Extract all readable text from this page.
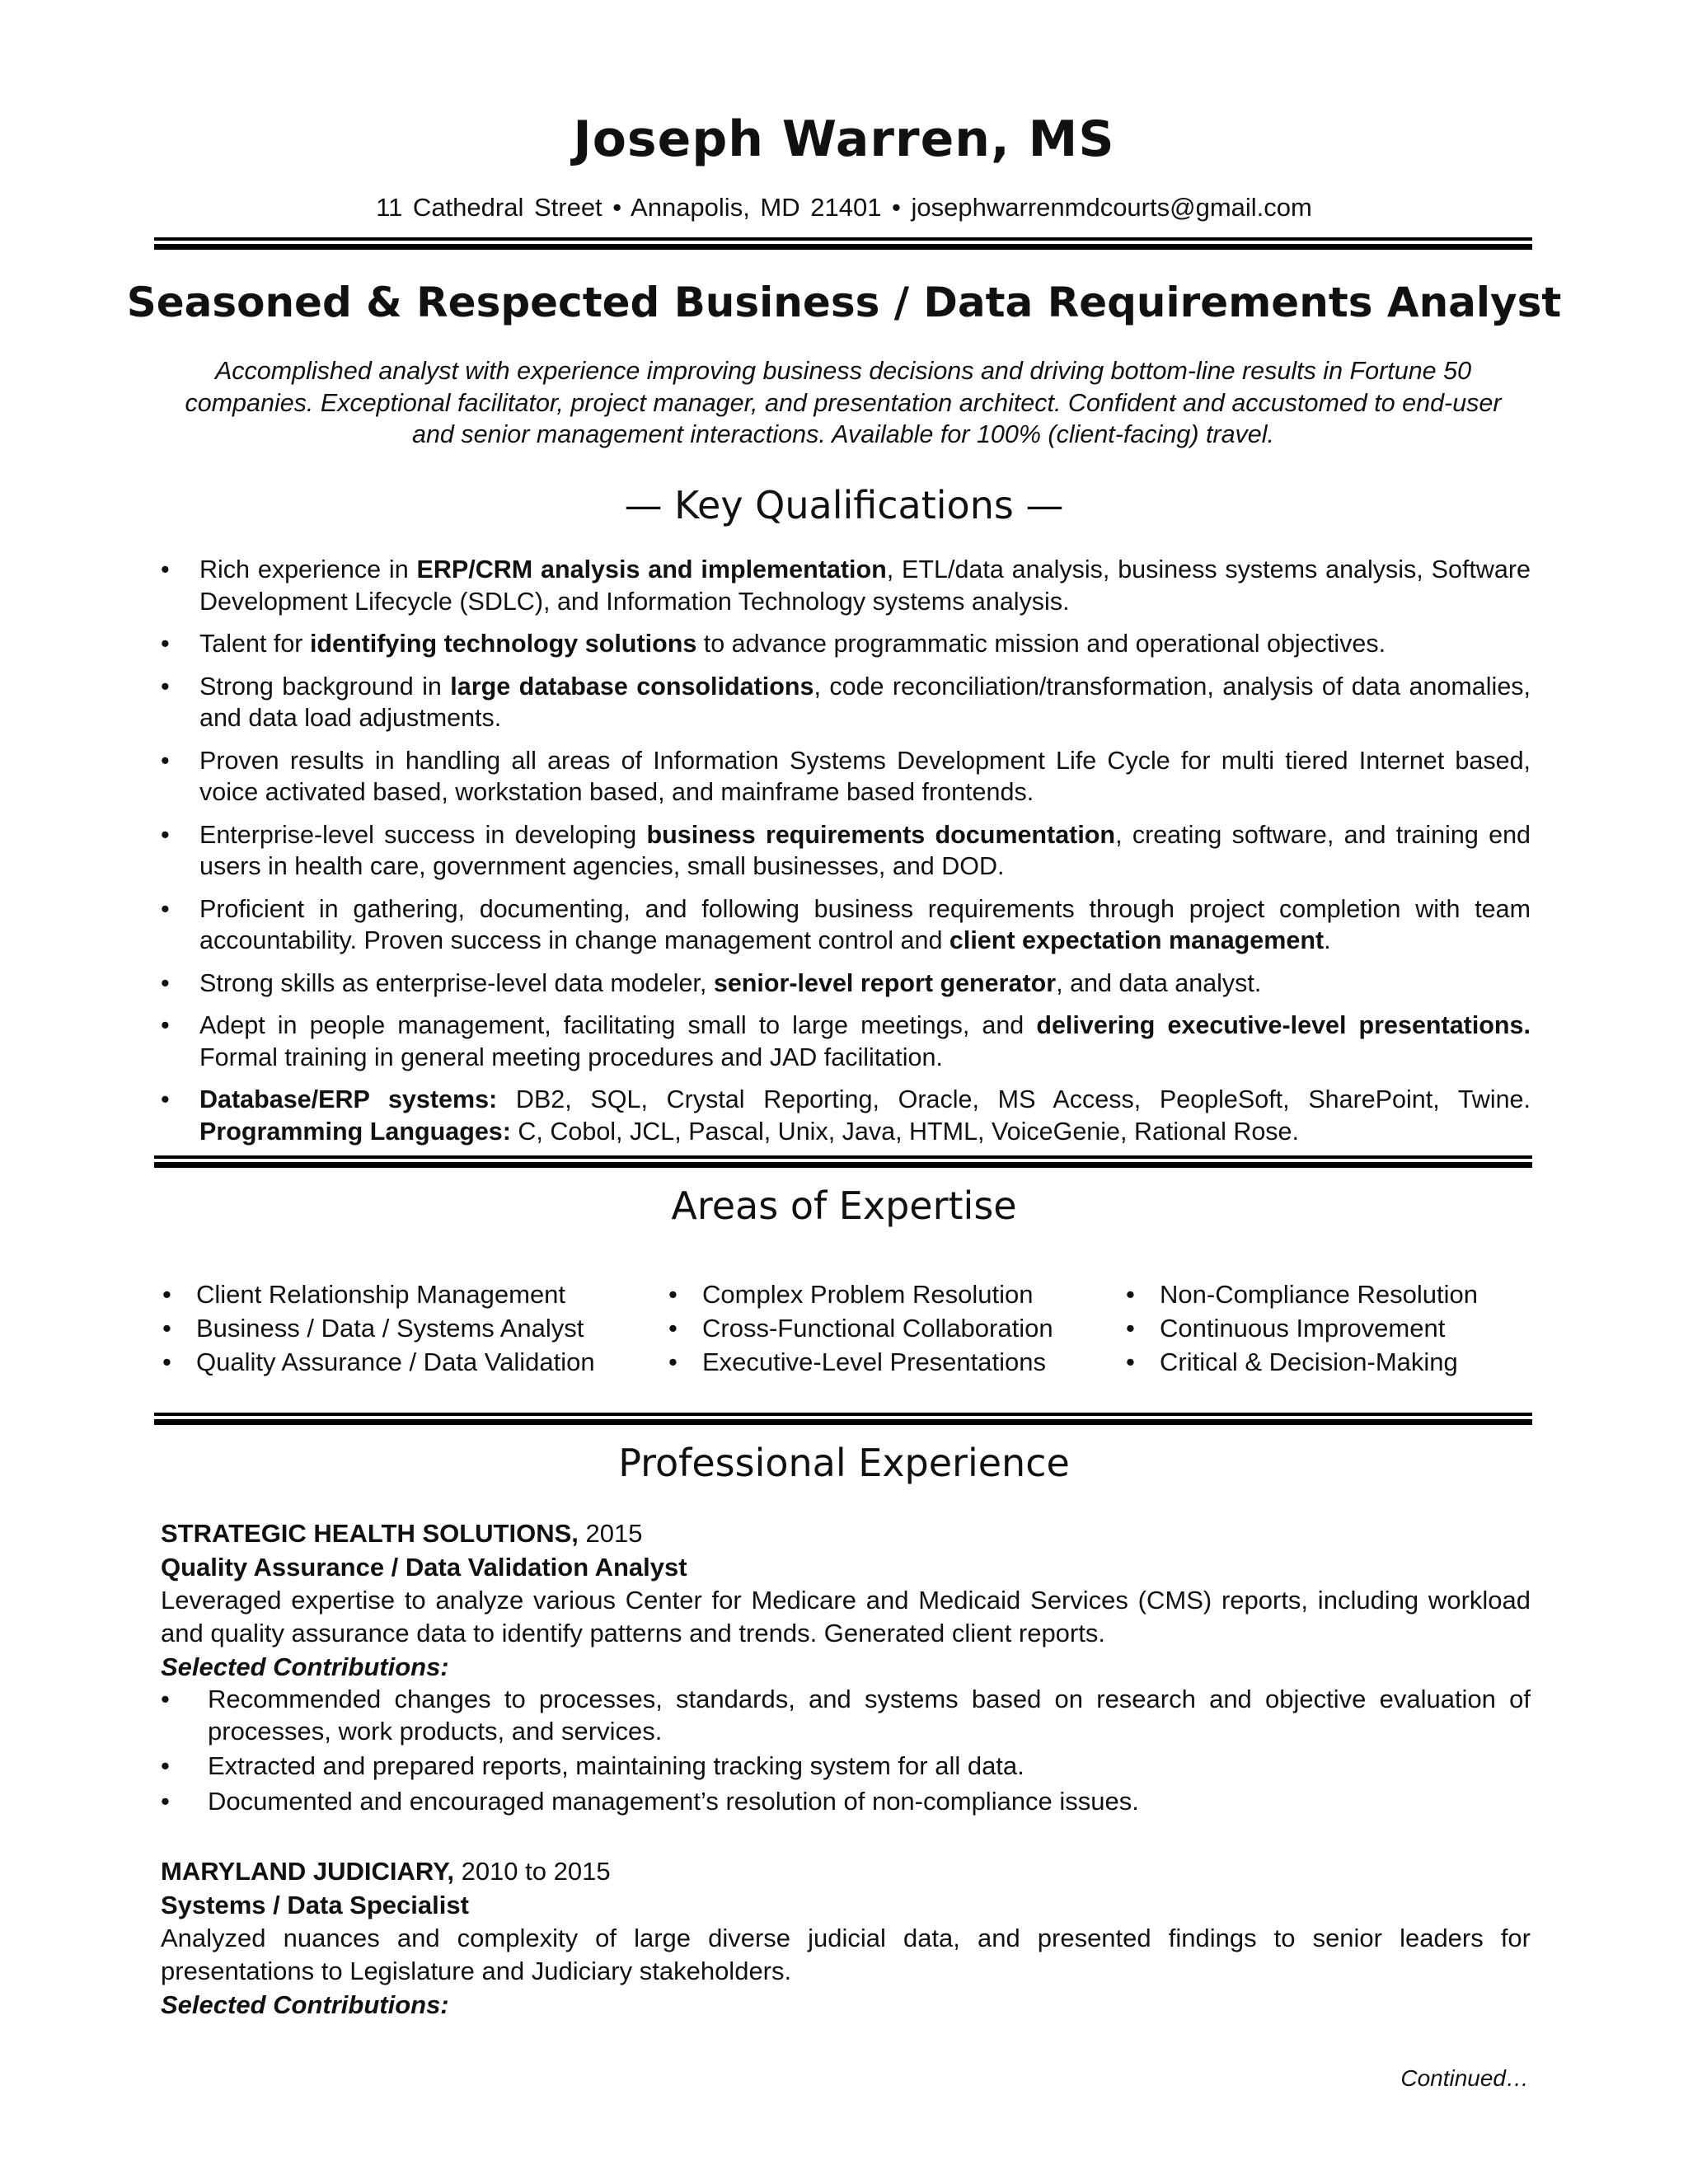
Joseph Warren, MS
11 Cathedral Street • Annapolis, MD 21401 • josephwarrenmdcourts@gmail.com
Seasoned & Respected Business / Data Requirements Analyst
Accomplished analyst with experience improving business decisions and driving bottom-line results in Fortune 50 companies. Exceptional facilitator, project manager, and presentation architect. Confident and accustomed to end-user and senior management interactions. Available for 100% (client-facing) travel.
— Key Qualifications —
• Rich experience in ERP/CRM analysis and implementation, ETL/data analysis, business systems analysis, Software Development Lifecycle (SDLC), and Information Technology systems analysis.
• Talent for identifying technology solutions to advance programmatic mission and operational objectives.
• Strong background in large database consolidations, code reconciliation/transformation, analysis of data anomalies, and data load adjustments.
• Proven results in handling all areas of Information Systems Development Life Cycle for multi tiered Internet based, voice activated based, workstation based, and mainframe based frontends.
• Enterprise-level success in developing business requirements documentation, creating software, and training end users in health care, government agencies, small businesses, and DOD.
• Proficient in gathering, documenting, and following business requirements through project completion with team accountability. Proven success in change management control and client expectation management.
• Strong skills as enterprise-level data modeler, senior-level report generator, and data analyst.
• Adept in people management, facilitating small to large meetings, and delivering executive-level presentations. Formal training in general meeting procedures and JAD facilitation.
• Database/ERP systems: DB2, SQL, Crystal Reporting, Oracle, MS Access, PeopleSoft, SharePoint, Twine. Programming Languages: C, Cobol, JCL, Pascal, Unix, Java, HTML, VoiceGenie, Rational Rose.
Areas of Expertise
• Client Relationship Management
• Business / Data / Systems Analyst
• Quality Assurance / Data Validation
• Complex Problem Resolution
• Cross-Functional Collaboration
• Executive-Level Presentations
• Non-Compliance Resolution
• Continuous Improvement
• Critical & Decision-Making
Professional Experience
STRATEGIC HEALTH SOLUTIONS, 2015
Quality Assurance / Data Validation Analyst
Leveraged expertise to analyze various Center for Medicare and Medicaid Services (CMS) reports, including workload and quality assurance data to identify patterns and trends. Generated client reports.
Selected Contributions:
• Recommended changes to processes, standards, and systems based on research and objective evaluation of processes, work products, and services.
• Extracted and prepared reports, maintaining tracking system for all data.
• Documented and encouraged management’s resolution of non-compliance issues.
MARYLAND JUDICIARY, 2010 to 2015
Systems / Data Specialist
Analyzed nuances and complexity of large diverse judicial data, and presented findings to senior leaders for presentations to Legislature and Judiciary stakeholders.
Selected Contributions:
Continued…
